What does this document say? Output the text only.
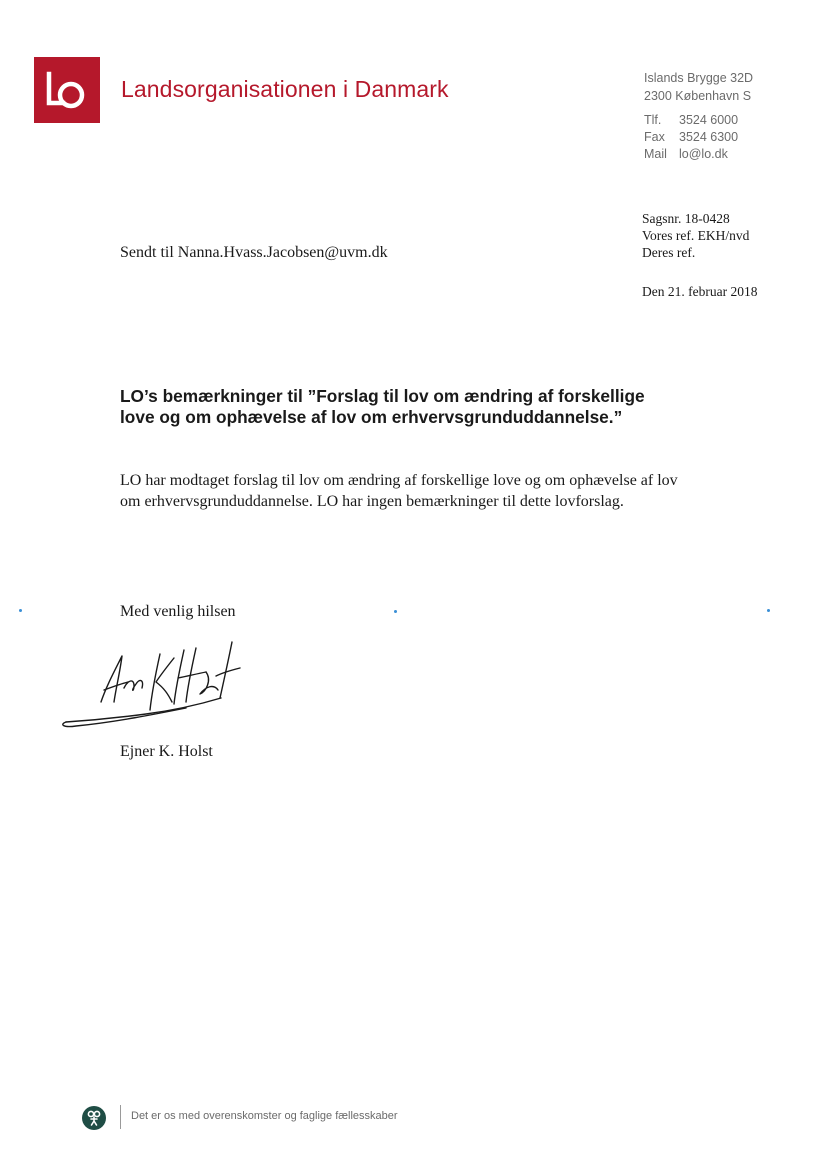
Landsorganisationen i Danmark	Islands Brygge 32D
2300 København S
Tlf. 3524 6000
Fax 3524 6300
Mail lo@lo.dk
Sagsnr. 18-0428
Vores ref. EKH/nvd
Deres ref.
Den 21. februar 2018
Sendt til Nanna.Hvass.Jacobsen@uvm.dk
LO’s bemærkninger til ”Forslag til lov om ændring af forskellige love og om ophævelse af lov om erhvervsgrunduddannelse.”
LO har modtaget forslag til lov om ændring af forskellige love og om ophævelse af lov om erhvervsgrunduddannelse. LO har ingen bemærkninger til dette lovforslag.
Med venlig hilsen
Ejner K. Holst
Det er os med overenskomster og faglige fællesskaber
